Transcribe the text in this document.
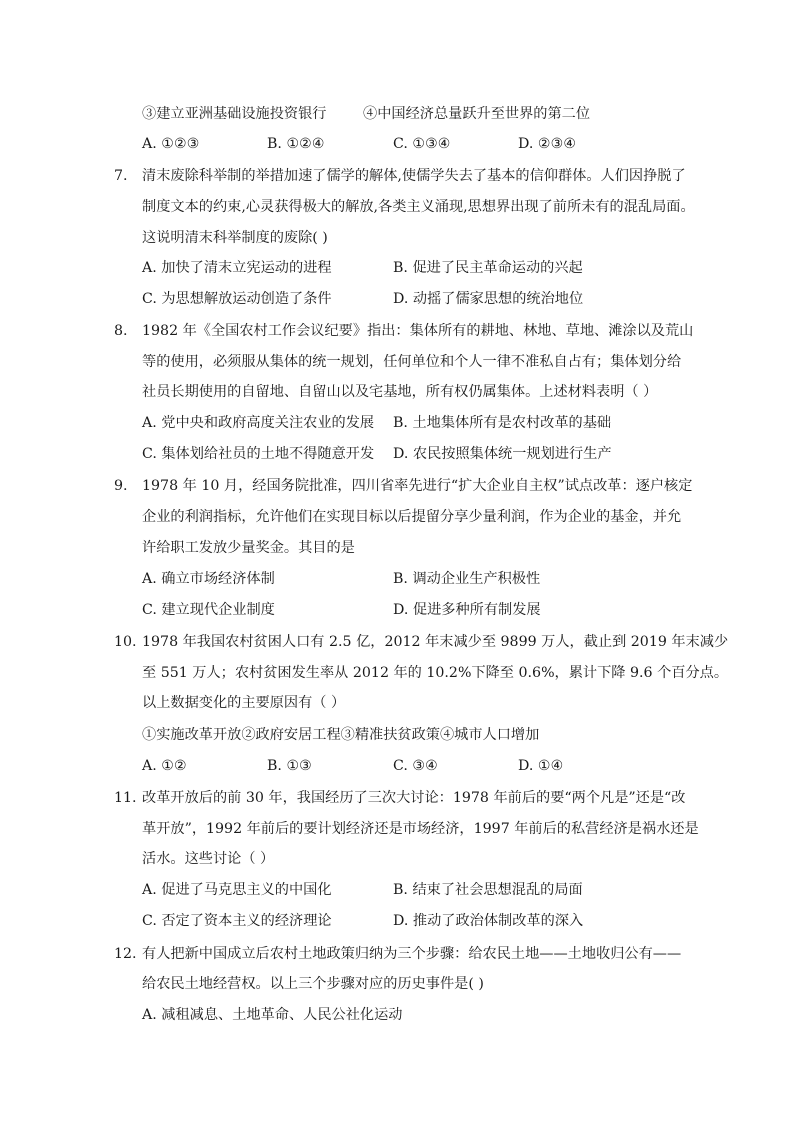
③建立亚洲基础设施投资银行	④中国经济总量跃升至世界的第二位
A. ①②③	B. ①②④	C. ①③④	D. ②③④
7. 清末废除科举制的举措加速了儒学的解体,使儒学失去了基本的信仰群体。人们因挣脱了
制度文本的约束,心灵获得极大的解放,各类主义涌现,思想界出现了前所未有的混乱局面。
这说明清末科举制度的废除( )
A. 加快了清末立宪运动的进程	B. 促进了民主革命运动的兴起
C. 为思想解放运动创造了条件	D. 动摇了儒家思想的统治地位
8. 1982 年《全国农村工作会议纪要》指出：集体所有的耕地、林地、草地、滩涂以及荒山
等的使用，必须服从集体的统一规划，任何单位和个人一律不准私自占有；集体划分给
社员长期使用的自留地、自留山以及宅基地，所有权仍属集体。上述材料表明（ ）
A. 党中央和政府高度关注农业的发展 B. 土地集体所有是农村改革的基础
C. 集体划给社员的土地不得随意开发 D. 农民按照集体统一规划进行生产
9. 1978 年 10 月，经国务院批准，四川省率先进行“扩大企业自主权”试点改革：逐户核定
企业的利润指标，允许他们在实现目标以后提留分享少量利润，作为企业的基金，并允
许给职工发放少量奖金。其目的是
A. 确立市场经济体制	B. 调动企业生产积极性
C. 建立现代企业制度	D. 促进多种所有制发展
10. 1978 年我国农村贫困人口有 2.5 亿，2012 年末减少至 9899 万人，截止到 2019 年末减少
至 551 万人；农村贫困发生率从 2012 年的 10.2%下降至 0.6%，累计下降 9.6 个百分点。
以上数据变化的主要原因有（ ）
①实施改革开放②政府安居工程③精准扶贫政策④城市人口增加
A. ①②	B. ①③	C. ③④	D. ①④
11. 改革开放后的前 30 年，我国经历了三次大讨论：1978 年前后的要“两个凡是”还是“改
革开放”，1992 年前后的要计划经济还是市场经济，1997 年前后的私营经济是祸水还是
活水。这些讨论（ ）
A. 促进了马克思主义的中国化	B. 结束了社会思想混乱的局面
C. 否定了资本主义的经济理论	D. 推动了政治体制改革的深入
12. 有人把新中国成立后农村土地政策归纳为三个步骤：给农民土地——土地收归公有——
给农民土地经营权。以上三个步骤对应的历史事件是( )
A. 减租减息、土地革命、人民公社化运动
